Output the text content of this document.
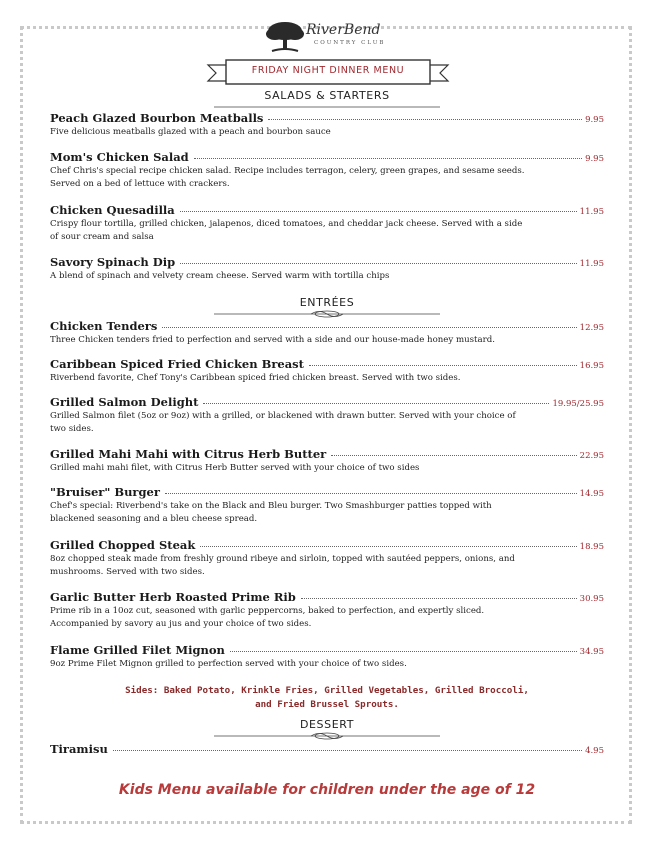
RiverBend
COUNTRY CLUB
FRIDAY NIGHT DINNER MENU
SALADS & STARTERS
Peach Glazed Bourbon Meatballs	9.95
Five delicious meatballs glazed with a peach and bourbon sauce
Mom's Chicken Salad	9.95
Chef Chris's special recipe chicken salad. Recipe includes terragon, celery, green grapes, and sesame seeds.
Served on a bed of lettuce with crackers.
Chicken Quesadilla	11.95
Crispy flour tortilla, grilled chicken, jalapenos, diced tomatoes, and cheddar jack cheese. Served with a side
of sour cream and salsa
Savory Spinach Dip	11.95
A blend of spinach and velvety cream cheese. Served warm with tortilla chips
ENTRÉES
Chicken Tenders	12.95
Three Chicken tenders fried to perfection and served with a side and our house-made honey mustard.
Caribbean Spiced Fried Chicken Breast	16.95
Riverbend favorite, Chef Tony's Caribbean spiced fried chicken breast. Served with two sides.
Grilled Salmon Delight	19.95/25.95
Grilled Salmon filet (5oz or 9oz) with a grilled, or blackened with drawn butter. Served with your choice of
two sides.
Grilled Mahi Mahi with Citrus Herb Butter	22.95
Grilled mahi mahi filet, with Citrus Herb Butter served with your choice of two sides
"Bruiser" Burger	14.95
Chef's special: Riverbend's take on the Black and Bleu burger. Two Smashburger patties topped with
blackened seasoning and a bleu cheese spread.
Grilled Chopped Steak	18.95
8oz chopped steak made from freshly ground ribeye and sirloin, topped with sautéed peppers, onions, and
mushrooms. Served with two sides.
Garlic Butter Herb Roasted Prime Rib	30.95
Prime rib in a 10oz cut, seasoned with garlic peppercorns, baked to perfection, and expertly sliced.
Accompanied by savory au jus and your choice of two sides.
Flame Grilled Filet Mignon	34.95
9oz Prime Filet Mignon grilled to perfection served with your choice of two sides.
Sides: Baked Potato, Krinkle Fries, Grilled Vegetables, Grilled Broccoli,
and Fried Brussel Sprouts.
DESSERT
Tiramisu	4.95
Kids Menu available for children under the age of 12
